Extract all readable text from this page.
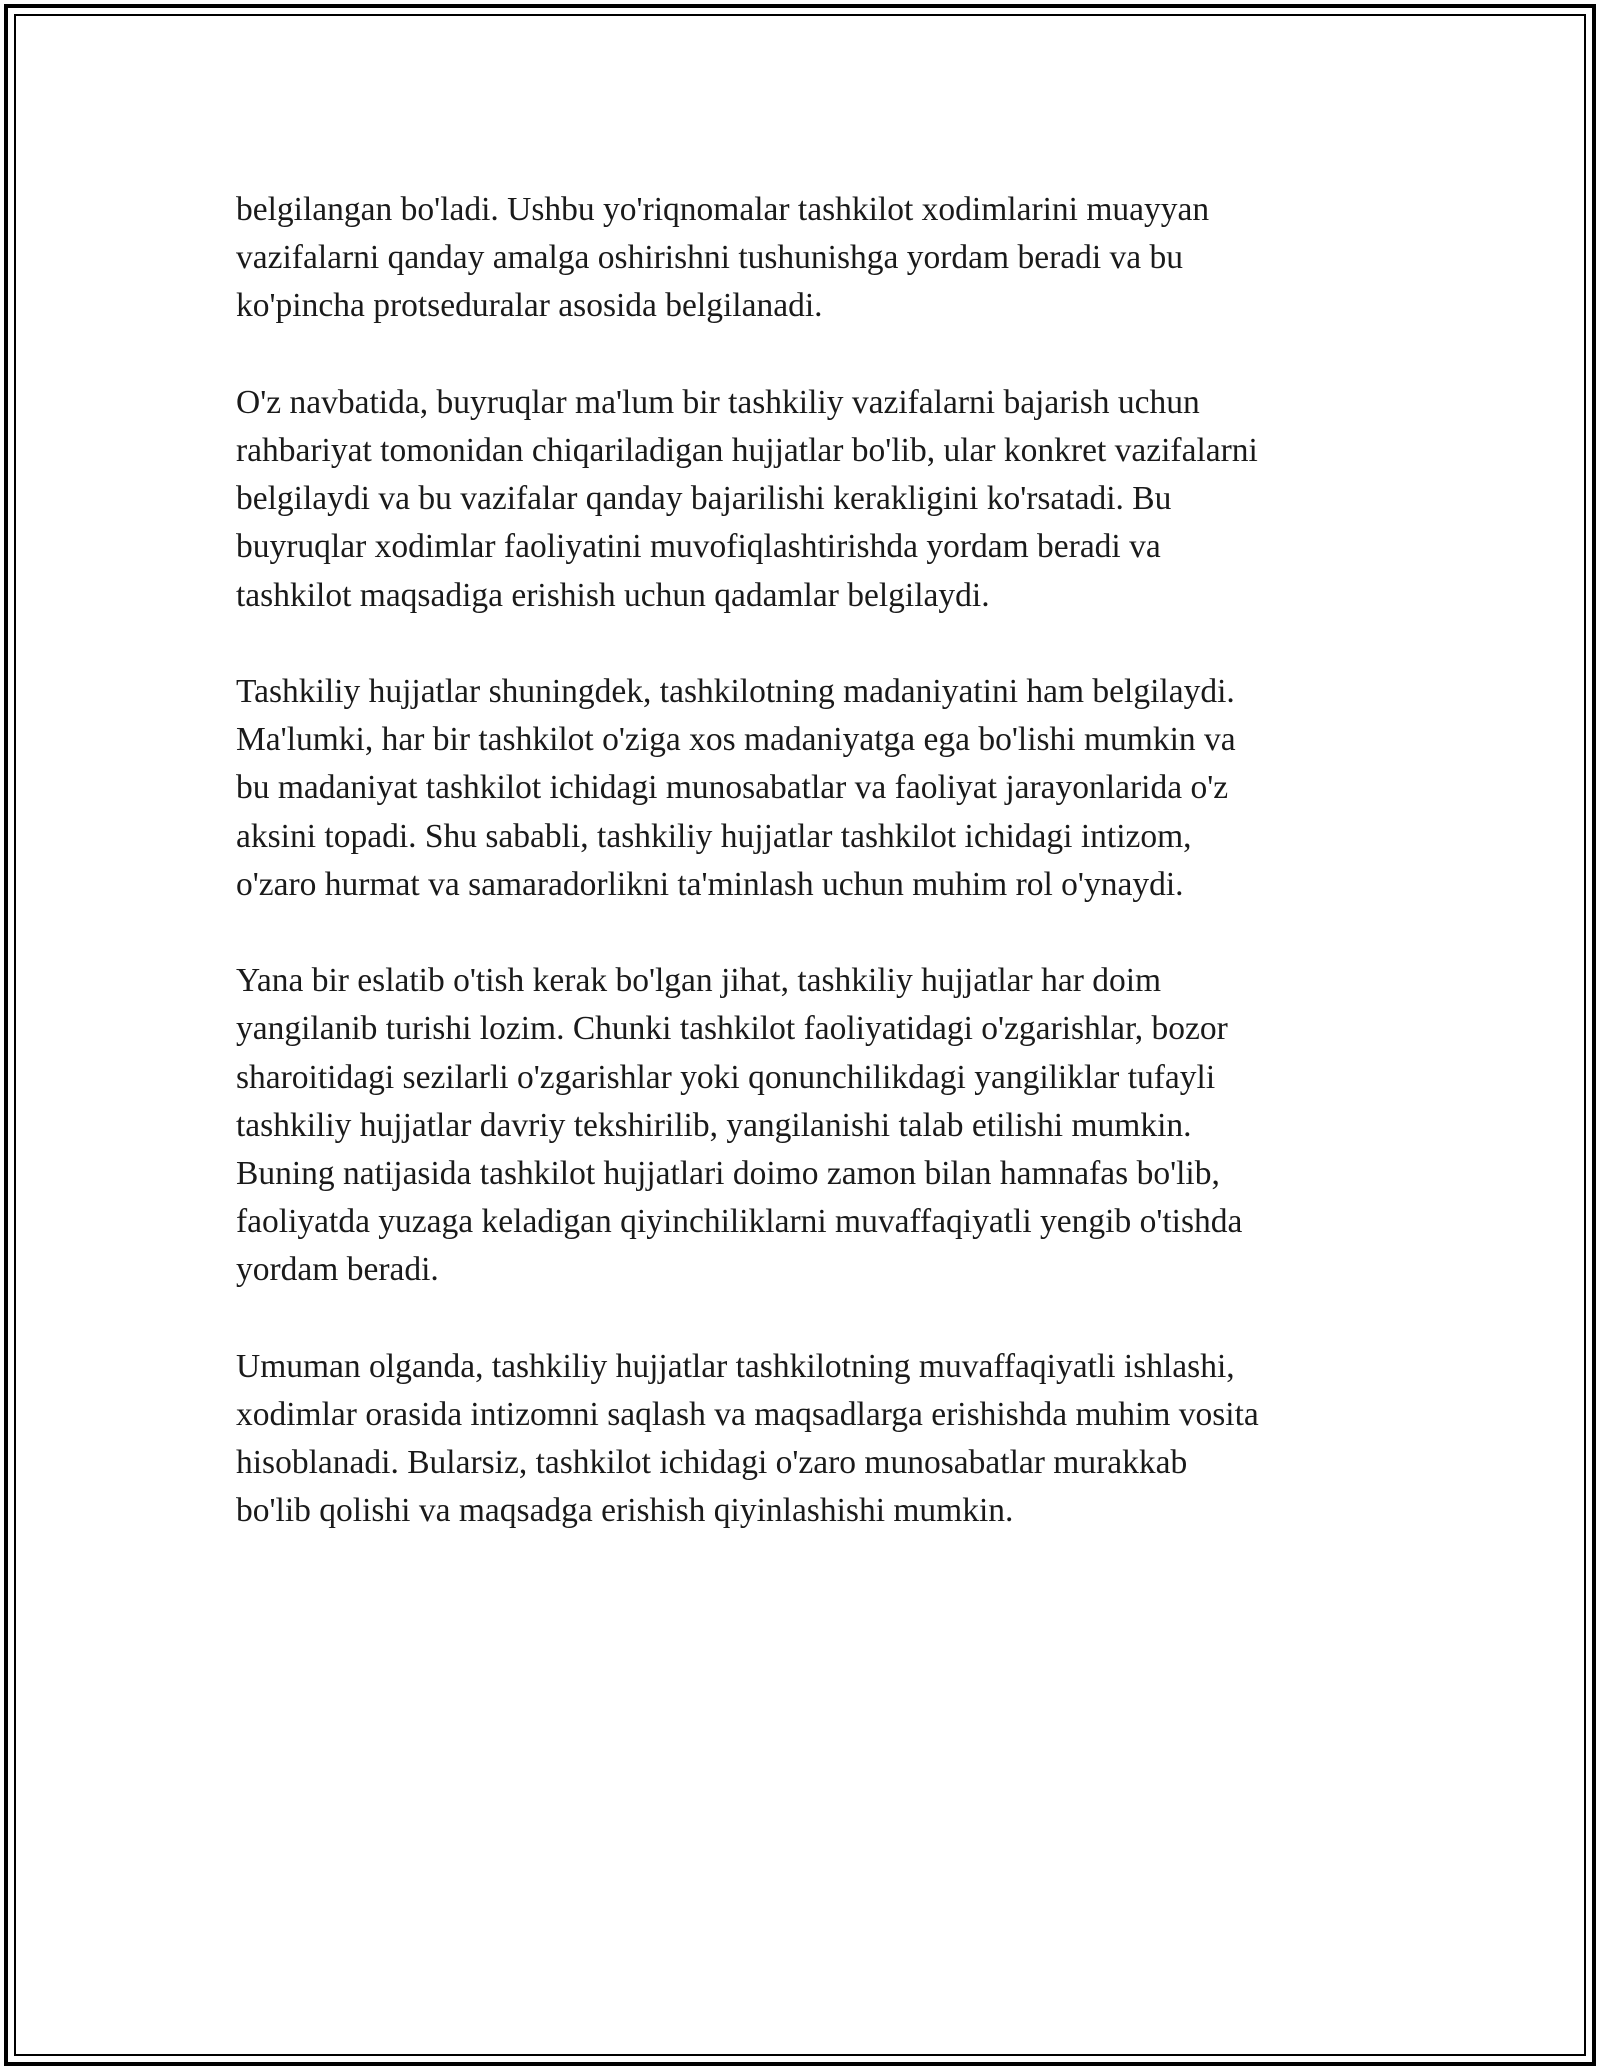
belgilangan bo'ladi. Ushbu yo'riqnomalar tashkilot xodimlarini muayyan
vazifalarni qanday amalga oshirishni tushunishga yordam beradi va bu
ko'pincha protseduralar asosida belgilanadi.

O'z navbatida, buyruqlar ma'lum bir tashkiliy vazifalarni bajarish uchun
rahbariyat tomonidan chiqariladigan hujjatlar bo'lib, ular konkret vazifalarni
belgilaydi va bu vazifalar qanday bajarilishi kerakligini ko'rsatadi. Bu
buyruqlar xodimlar faoliyatini muvofiqlashtirishda yordam beradi va
tashkilot maqsadiga erishish uchun qadamlar belgilaydi.

Tashkiliy hujjatlar shuningdek, tashkilotning madaniyatini ham belgilaydi.
Ma'lumki, har bir tashkilot o'ziga xos madaniyatga ega bo'lishi mumkin va
bu madaniyat tashkilot ichidagi munosabatlar va faoliyat jarayonlarida o'z
aksini topadi. Shu sababli, tashkiliy hujjatlar tashkilot ichidagi intizom,
o'zaro hurmat va samaradorlikni ta'minlash uchun muhim rol o'ynaydi.

Yana bir eslatib o'tish kerak bo'lgan jihat, tashkiliy hujjatlar har doim
yangilanib turishi lozim. Chunki tashkilot faoliyatidagi o'zgarishlar, bozor
sharoitidagi sezilarli o'zgarishlar yoki qonunchilikdagi yangiliklar tufayli
tashkiliy hujjatlar davriy tekshirilib, yangilanishi talab etilishi mumkin.
Buning natijasida tashkilot hujjatlari doimo zamon bilan hamnafas bo'lib,
faoliyatda yuzaga keladigan qiyinchiliklarni muvaffaqiyatli yengib o'tishda
yordam beradi.

Umuman olganda, tashkiliy hujjatlar tashkilotning muvaffaqiyatli ishlashi,
xodimlar orasida intizomni saqlash va maqsadlarga erishishda muhim vosita
hisoblanadi. Bularsiz, tashkilot ichidagi o'zaro munosabatlar murakkab
bo'lib qolishi va maqsadga erishish qiyinlashishi mumkin.
